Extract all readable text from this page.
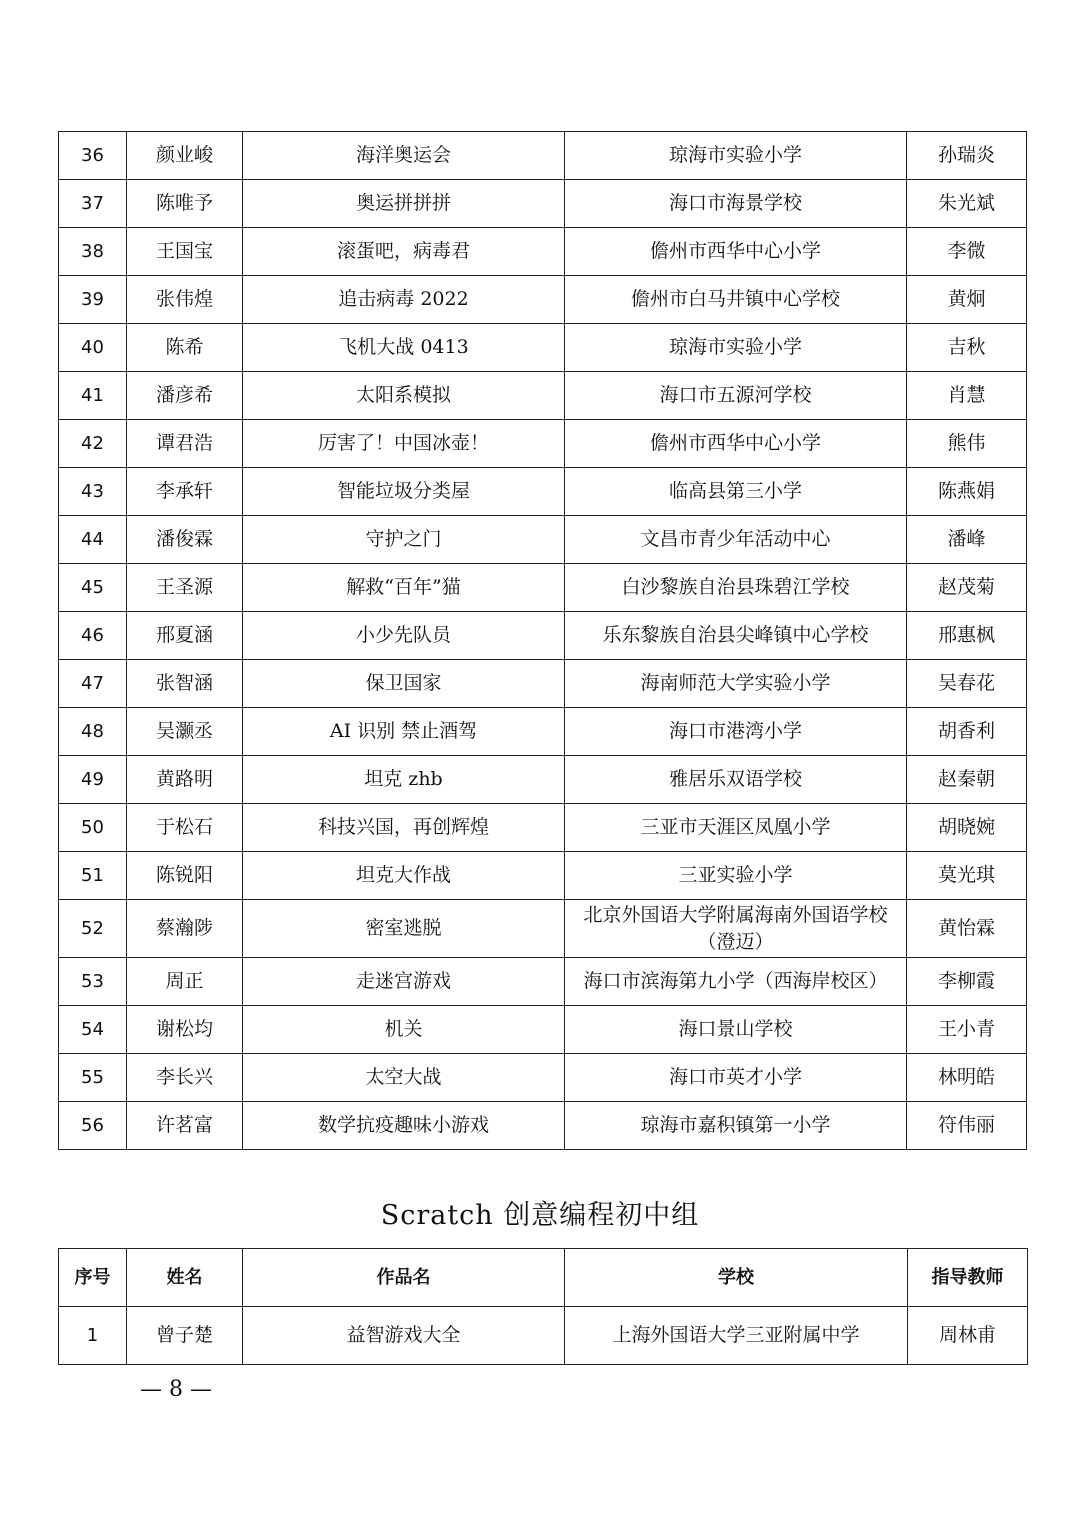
36	颜业峻	海洋奥运会	琼海市实验小学	孙瑞炎
37	陈唯予	奥运拼拼拼	海口市海景学校	朱光斌
38	王国宝	滚蛋吧，病毒君	儋州市西华中心小学	李微
39	张伟煌	追击病毒 2022	儋州市白马井镇中心学校	黄炯
40	陈希	飞机大战 0413	琼海市实验小学	吉秋
41	潘彦希	太阳系模拟	海口市五源河学校	肖慧
42	谭君浩	厉害了！中国冰壶！	儋州市西华中心小学	熊伟
43	李承轩	智能垃圾分类屋	临高县第三小学	陈燕娟
44	潘俊霖	守护之门	文昌市青少年活动中心	潘峰
45	王圣源	解救“百年”猫	白沙黎族自治县珠碧江学校	赵茂菊
46	邢夏涵	小少先队员	乐东黎族自治县尖峰镇中心学校	邢惠枫
47	张智涵	保卫国家	海南师范大学实验小学	吴春花
48	吴灏丞	AI 识别 禁止酒驾	海口市港湾小学	胡香利
49	黄路明	坦克 zhb	雅居乐双语学校	赵秦朝
50	于松石	科技兴国，再创辉煌	三亚市天涯区凤凰小学	胡晓婉
51	陈锐阳	坦克大作战	三亚实验小学	莫光琪
52	蔡瀚陟	密室逃脱	北京外国语大学附属海南外国语学校（澄迈）	黄怡霖
53	周正	走迷宫游戏	海口市滨海第九小学（西海岸校区）	李柳霞
54	谢松均	机关	海口景山学校	王小青
55	李长兴	太空大战	海口市英才小学	林明皓
56	许茗富	数学抗疫趣味小游戏	琼海市嘉积镇第一小学	符伟丽
Scratch 创意编程初中组
序号	姓名	作品名	学校	指导教师
1	曾子楚	益智游戏大全	上海外国语大学三亚附属中学	周林甫
— 8 —
